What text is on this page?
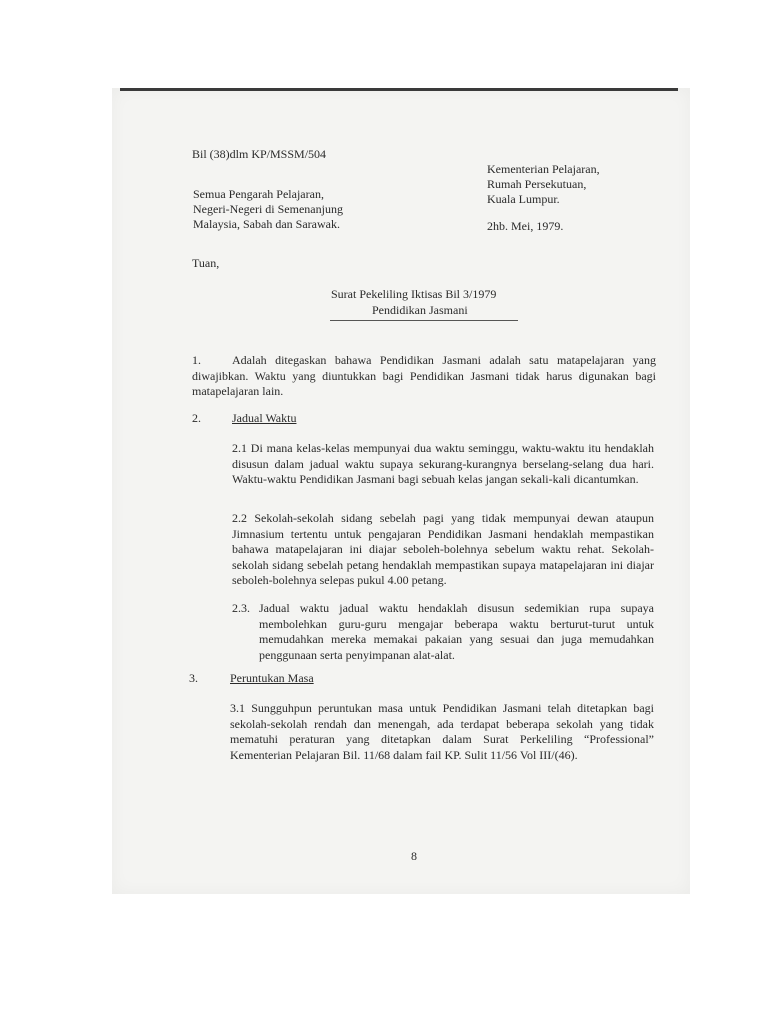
Bil (38)dlm KP/MSSM/504
Kementerian Pelajaran,
Rumah Persekutuan,
Kuala Lumpur.
Semua Pengarah Pelajaran,
Negeri-Negeri di Semenanjung
Malaysia, Sabah dan Sarawak.	2hb. Mei, 1979.
Tuan,
Surat Pekeliling Iktisas Bil 3/1979
Pendidikan Jasmani
1.	Adalah ditegaskan bahawa Pendidikan Jasmani adalah satu matapelajaran yang diwajibkan. Waktu yang diuntukkan bagi Pendidikan Jasmani tidak harus digunakan bagi matapelajaran lain.
2.	Jadual Waktu
2.1 Di mana kelas-kelas mempunyai dua waktu seminggu, waktu-waktu itu hendaklah disusun dalam jadual waktu supaya sekurang-kurangnya berselang-selang dua hari. Waktu-waktu Pendidikan Jasmani bagi sebuah kelas jangan sekali-kali dicantumkan.
2.2 Sekolah-sekolah sidang sebelah pagi yang tidak mempunyai dewan ataupun Jimnasium tertentu untuk pengajaran Pendidikan Jasmani hendaklah mempastikan bahawa matapelajaran ini diajar seboleh-bolehnya sebelum waktu rehat. Sekolah-sekolah sidang sebelah petang hendaklah mempastikan supaya matapelajaran ini diajar seboleh-bolehnya selepas pukul 4.00 petang.
2.3. Jadual waktu jadual waktu hendaklah disusun sedemikian rupa supaya membolehkan guru-guru mengajar beberapa waktu berturut-turut untuk memudahkan mereka memakai pakaian yang sesuai dan juga memudahkan penggunaan serta penyimpanan alat-alat.
3.	Peruntukan Masa
3.1 Sungguhpun peruntukan masa untuk Pendidikan Jasmani telah ditetapkan bagi sekolah-sekolah rendah dan menengah, ada terdapat beberapa sekolah yang tidak mematuhi peraturan yang ditetapkan dalam Surat Perkeliling “Professional” Kementerian Pelajaran Bil. 11/68 dalam fail KP. Sulit 11/56 Vol III/(46).
8
